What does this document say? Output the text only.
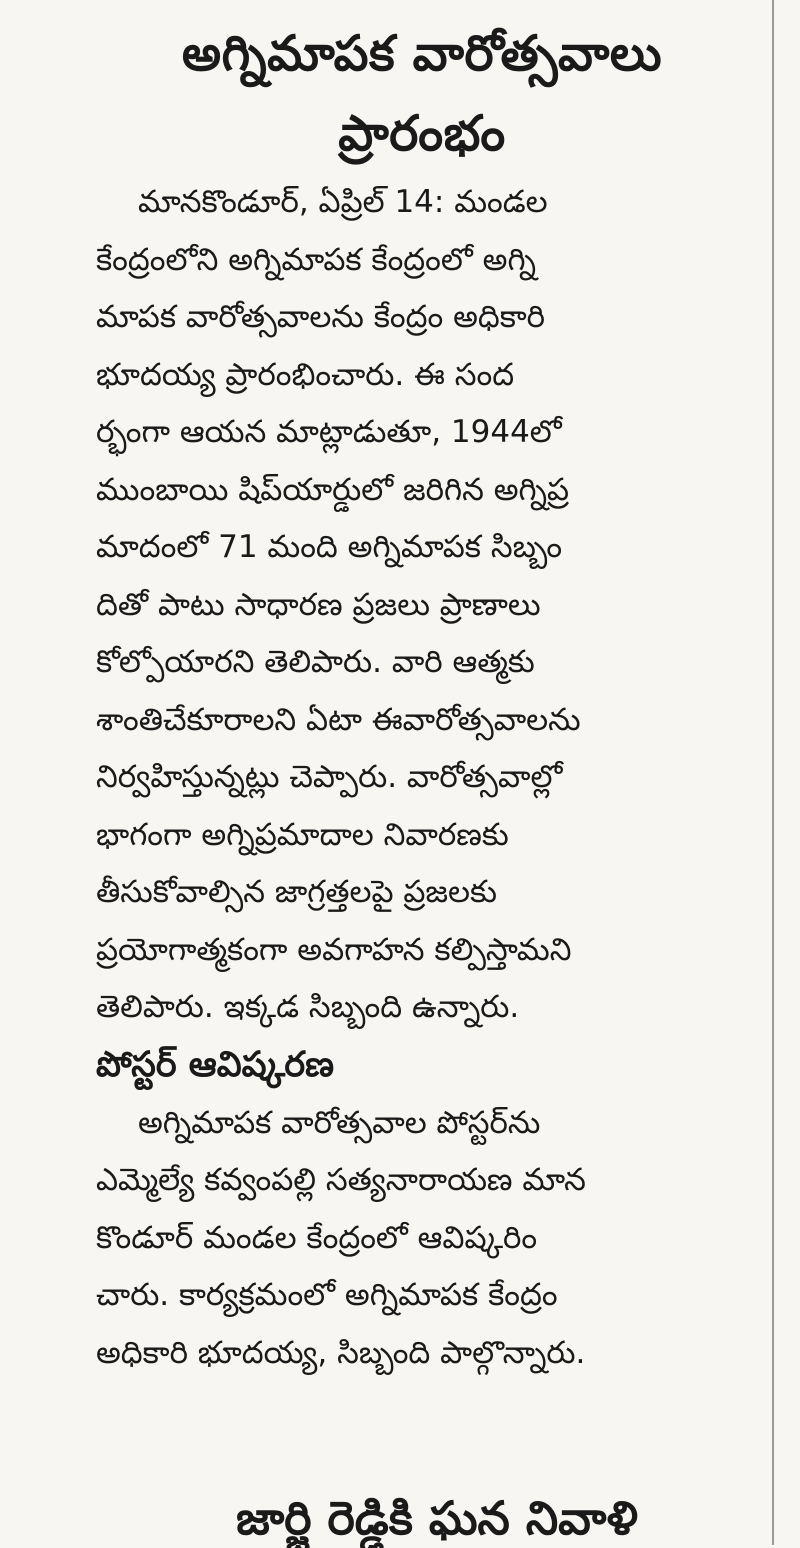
అగ్నిమాపక వారోత్సవాలు
ప్రారంభం
మానకొండూర్, ఏప్రిల్ 14: మండల
కేంద్రంలోని అగ్నిమాపక కేంద్రంలో అగ్ని
మాపక వారోత్సవాలను కేంద్రం అధికారి
భూదయ్య ప్రారంభించారు. ఈ సంద
ర్భంగా ఆయన మాట్లాడుతూ, 1944లో
ముంబాయి షిప్‌యార్డులో జరిగిన అగ్నిప్ర
మాదంలో 71 మంది అగ్నిమాపక సిబ్బం
దితో పాటు సాధారణ ప్రజలు ప్రాణాలు
కోల్పోయారని తెలిపారు. వారి ఆత్మకు
శాంతిచేకూరాలని ఏటా ఈవారోత్సవాలను
నిర్వహిస్తున్నట్లు చెప్పారు. వారోత్సవాల్లో
భాగంగా అగ్నిప్రమాదాల నివారణకు
తీసుకోవాల్సిన జాగ్రత్తలపై ప్రజలకు
ప్రయోగాత్మకంగా అవగాహన కల్పిస్తామని
తెలిపారు. ఇక్కడ సిబ్బంది ఉన్నారు.
పోస్టర్ ఆవిష్కరణ
అగ్నిమాపక వారోత్సవాల పోస్టర్‌ను
ఎమ్మెల్యే కవ్వంపల్లి సత్యనారాయణ మాన
కొండూర్ మండల కేంద్రంలో ఆవిష్కరిం
చారు. కార్యక్రమంలో అగ్నిమాపక కేంద్రం
అధికారి భూదయ్య, సిబ్బంది పాల్గొన్నారు.
జార్జి రెడ్డికి ఘన నివాళి
